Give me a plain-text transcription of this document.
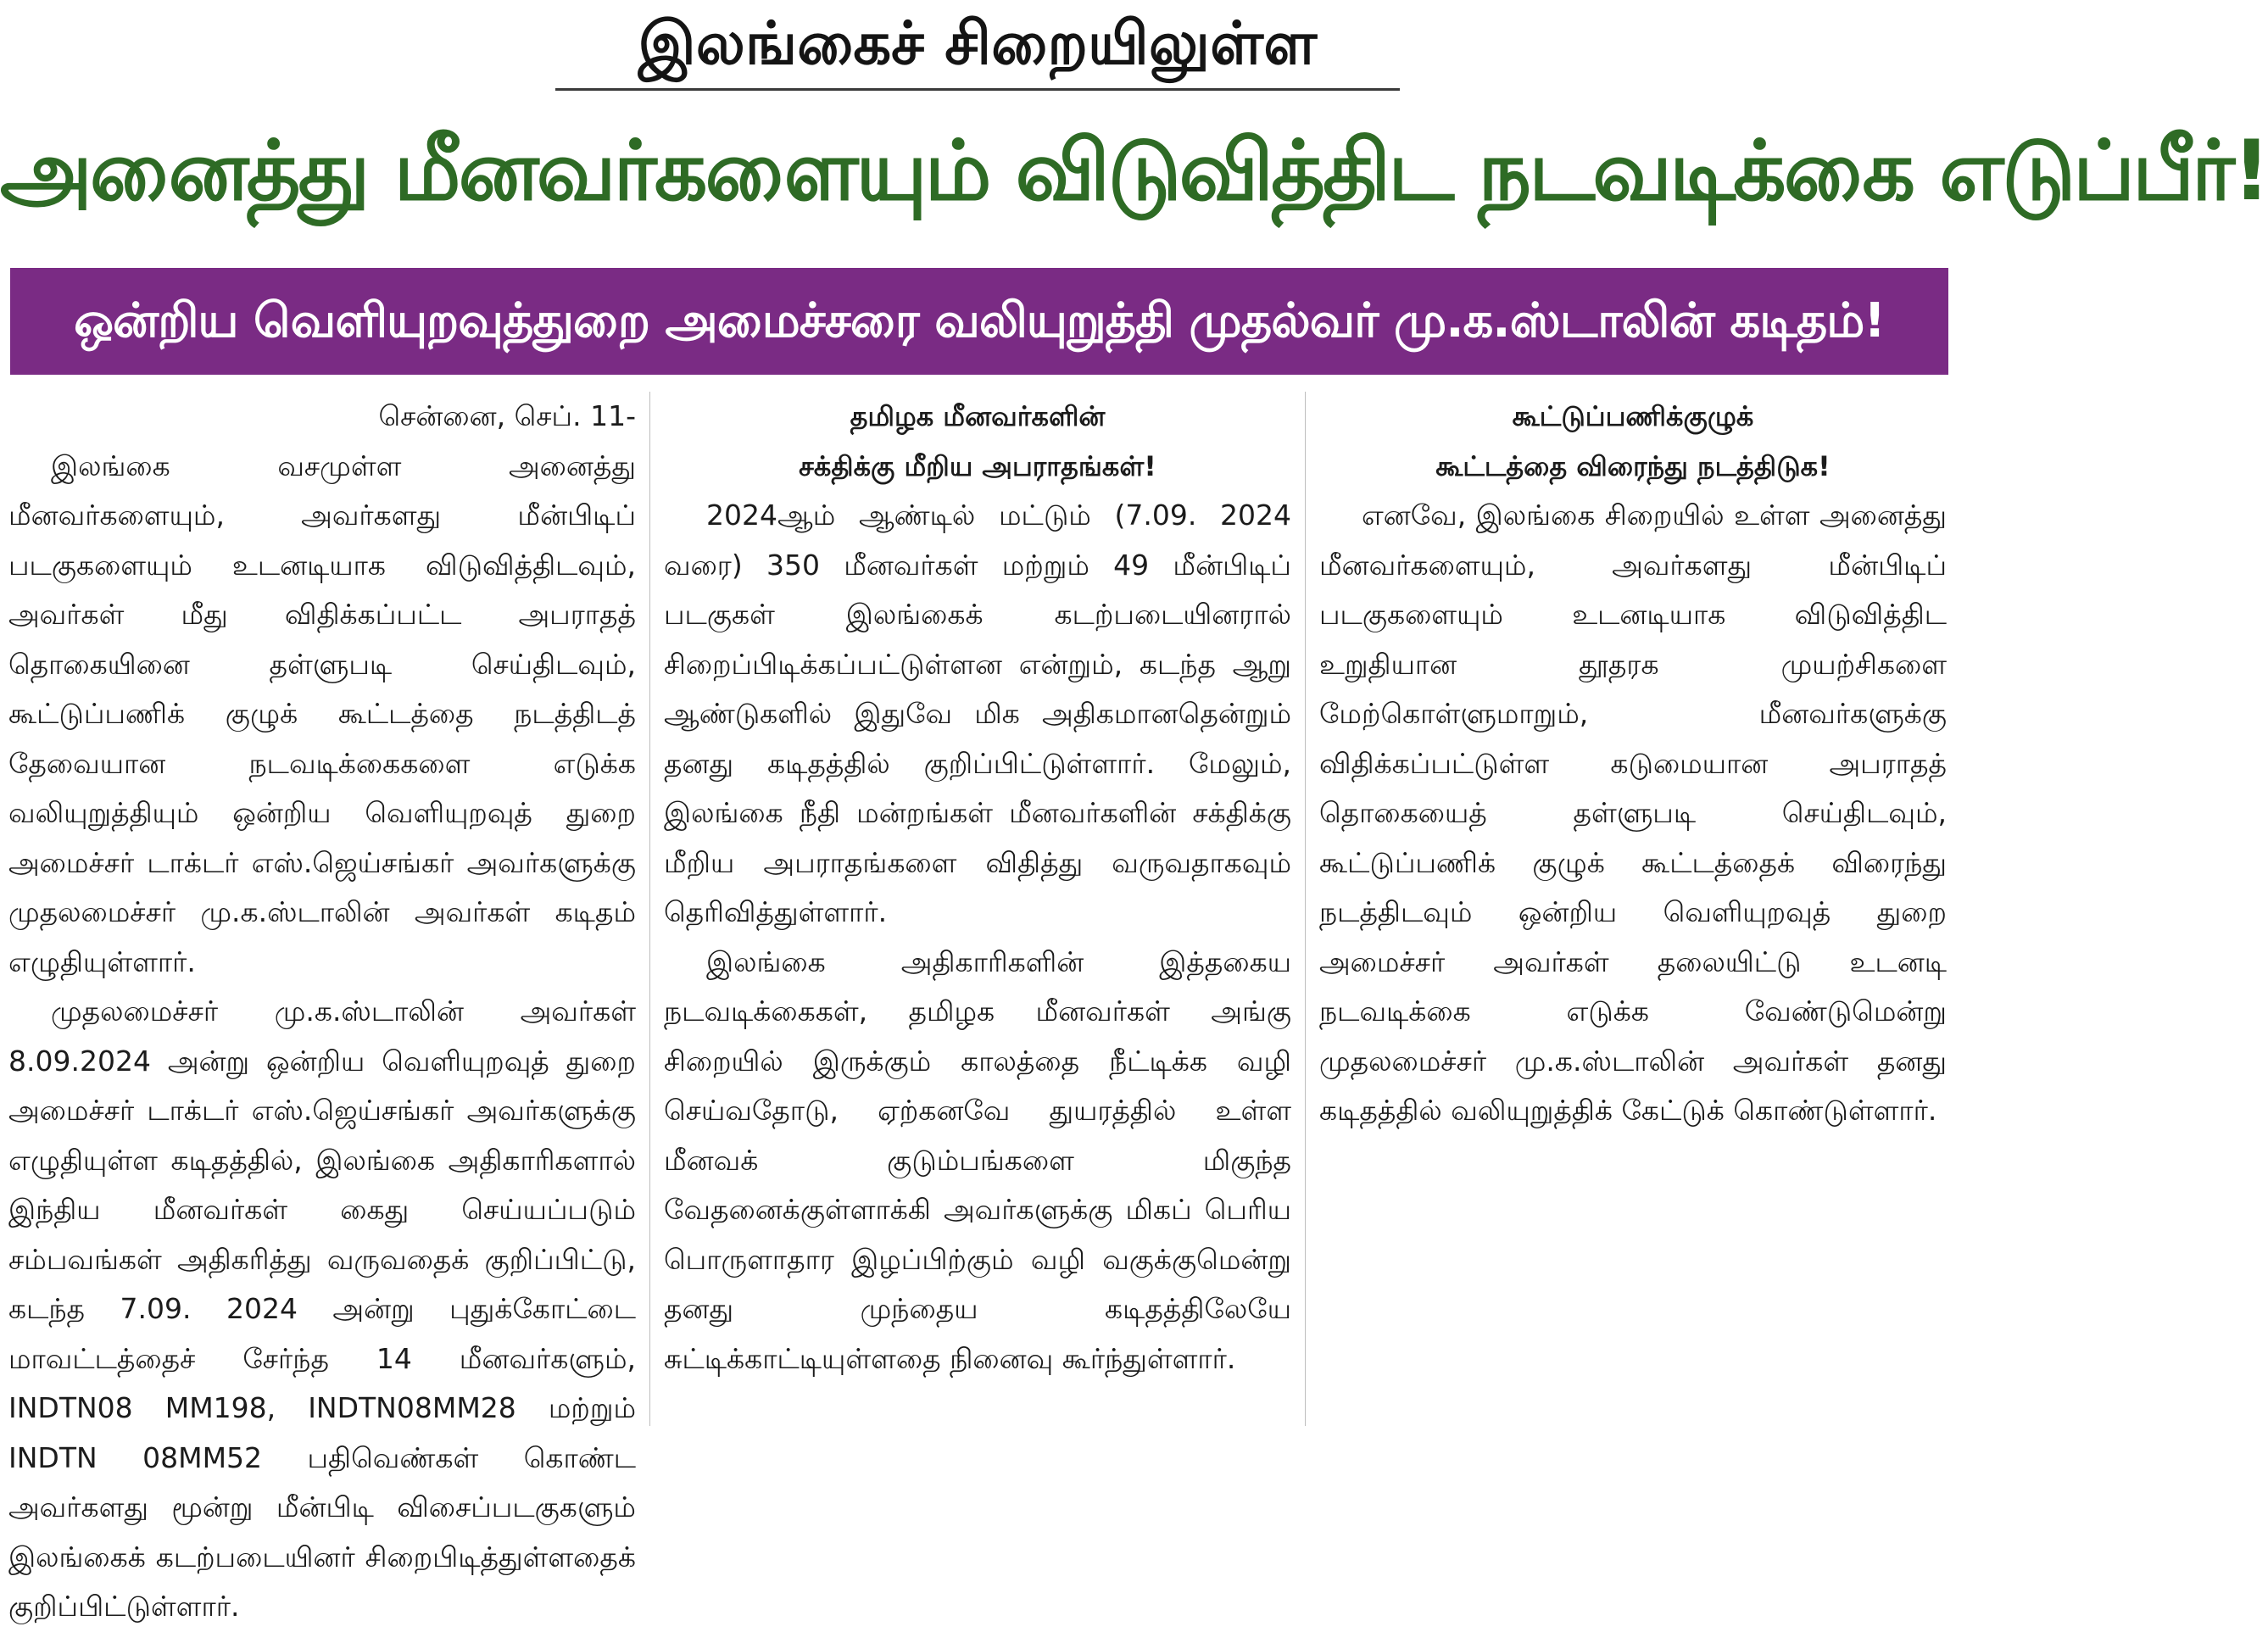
இலங்கைச் சிறையிலுள்ள
அனைத்து மீனவர்களையும் விடுவித்திட நடவடிக்கை எடுப்பீர்!
ஒன்றிய வெளியுறவுத்துறை அமைச்சரை வலியுறுத்தி முதல்வர் மு.க.ஸ்டாலின் கடிதம்!

சென்னை, செப். 11-

இலங்கை வசமுள்ள அனைத்து மீனவர்களையும், அவர்களது மீன்பிடிப் படகுகளையும் உடனடியாக விடுவித்திடவும், அவர்கள் மீது விதிக்கப்பட்ட அபராதத் தொகையினை தள்ளுபடி செய்திடவும், கூட்டுப்பணிக் குழுக் கூட்டத்தை நடத்திடத் தேவையான நடவடிக்கைகளை எடுக்க வலியுறுத்தியும் ஒன்றிய வெளியுறவுத் துறை அமைச்சர் டாக்டர் எஸ்.ஜெய்சங்கர் அவர்களுக்கு முதலமைச்சர் மு.க.ஸ்டாலின் அவர்கள் கடிதம் எழுதியுள்ளார்.

முதலமைச்சர் மு.க.ஸ்டாலின் அவர்கள் 8.09.2024 அன்று ஒன்றிய வெளியுறவுத் துறை அமைச்சர் டாக்டர் எஸ்.ஜெய்சங்கர் அவர்களுக்கு எழுதியுள்ள கடிதத்தில், இலங்கை அதிகாரிகளால் இந்திய மீனவர்கள் கைது செய்யப்படும் சம்பவங்கள் அதிகரித்து வருவதைக் குறிப்பிட்டு, கடந்த 7.09. 2024 அன்று புதுக்கோட்டை மாவட்டத்தைச் சேர்ந்த 14 மீனவர்களும், INDTN08 MM198, INDTN08MM28 மற்றும் INDTN 08MM52 பதிவெண்கள் கொண்ட அவர்களது மூன்று மீன்பிடி விசைப்படகுகளும் இலங்கைக் கடற்படையினர் சிறைபிடித்துள்ளதைக் குறிப்பிட்டுள்ளார்.

தமிழக மீனவர்களின்

சக்திக்கு மீறிய அபராதங்கள்!

2024ஆம் ஆண்டில் மட்டும் (7.09. 2024 வரை) 350 மீனவர்கள் மற்றும் 49 மீன்பிடிப் படகுகள் இலங்கைக் கடற்படையினரால் சிறைப்பிடிக்கப்பட்டுள்ளன என்றும், கடந்த ஆறு ஆண்டுகளில் இதுவே மிக அதிகமானதென்றும் தனது கடிதத்தில் குறிப்பிட்டுள்ளார். மேலும், இலங்கை நீதி மன்றங்கள் மீனவர்களின் சக்திக்கு மீறிய அபராதங்களை விதித்து வருவதாகவும் தெரிவித்துள்ளார்.

இலங்கை அதிகாரிகளின் இத்தகைய நடவடிக்கைகள், தமிழக மீனவர்கள் அங்கு சிறையில் இருக்கும் காலத்தை நீட்டிக்க வழி செய்வதோடு, ஏற்கனவே துயரத்தில் உள்ள மீனவக் குடும்பங்களை மிகுந்த வேதனைக்குள்ளாக்கி அவர்களுக்கு மிகப் பெரிய பொருளாதார இழப்பிற்கும் வழி வகுக்குமென்று தனது முந்தைய கடிதத்திலேயே சுட்டிக்காட்டியுள்ளதை நினைவு கூர்ந்துள்ளார்.

கூட்டுப்பணிக்குழுக்

கூட்டத்தை விரைந்து நடத்திடுக!

எனவே, இலங்கை சிறையில் உள்ள அனைத்து மீனவர்களையும், அவர்களது மீன்பிடிப் படகுகளையும் உடனடியாக விடுவித்திட உறுதியான தூதரக முயற்சிகளை மேற்கொள்ளுமாறும், மீனவர்களுக்கு விதிக்கப்பட்டுள்ள கடுமையான அபராதத் தொகையைத் தள்ளுபடி செய்திடவும், கூட்டுப்பணிக் குழுக் கூட்டத்தைக் விரைந்து நடத்திடவும் ஒன்றிய வெளியுறவுத் துறை அமைச்சர் அவர்கள் தலையிட்டு உடனடி நடவடிக்கை எடுக்க வேண்டுமென்று முதலமைச்சர் மு.க.ஸ்டாலின் அவர்கள் தனது கடிதத்தில் வலியுறுத்திக் கேட்டுக் கொண்டுள்ளார்.
